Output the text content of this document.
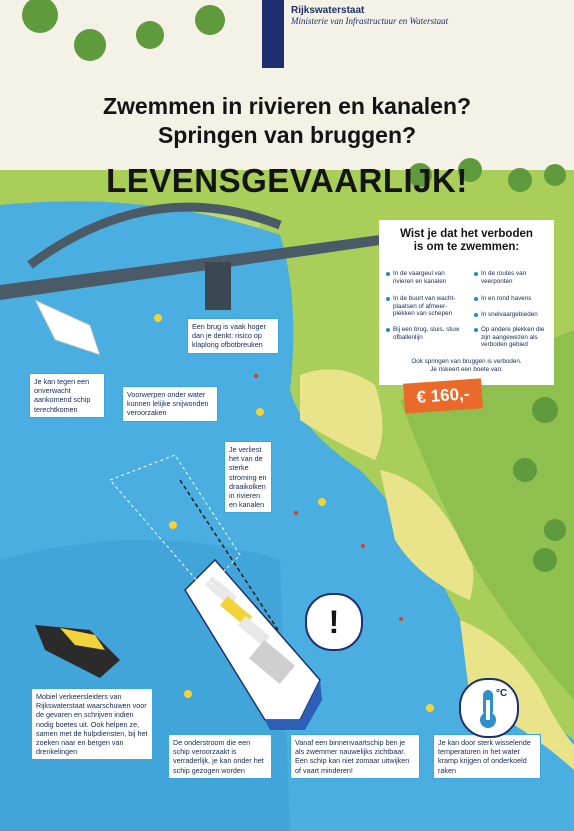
Rijkswaterstaat
Ministerie van Infrastructuur en Waterstaat
Zwemmen in rivieren en kanalen?
Springen van bruggen?
LEVENSGEVAARLIJK!
Wist je dat het verboden
is om te zwemmen:
In de vaargeul van rivieren en kanalen
In de buurt van wacht-plaatsen of afmeer-plekken van schepen
Bij een brug, sluis, stuw ofballenlijn
In de routes van veerponten
In en rond havens
In snelvaargebieden
Op andere plekken die zijn aangewezen als verboden gebied
Ook springen van bruggen is verboden.
Je riskeert een boete van:
€ 160,-
Een brug is vaak hoger dan je denkt: risico op klaplong ofbotbreuken
Je kan tegen een onverwacht aankomend schip terechtkomen
Voorwerpen onder water kunnen lelijke snijwonden veroorzaken
Je verliest het van de sterke stroming en draaikolken in rivieren en kanalen
Mobiel verkeersleiders van Rijkswaterstaat waarschuwen voor de gevaren en schrijven indien nodig boetes uit. Ook helpen ze, samen met de hulpdiensten, bij het zoeken naar en bergen van drenkelingen
De onderstroom die een schip veroorzaakt is verraderlijk, je kan onder het schip gezogen worden
Vanaf een binnenvaartschip ben je als zwemmer nauwelijks zichtbaar. Een schip kan niet zomaar uitwijken of vaart minderen!
Je kan door sterk wisselende temperaturen in het water kramp krijgen of onderkoeld raken
!
°C
